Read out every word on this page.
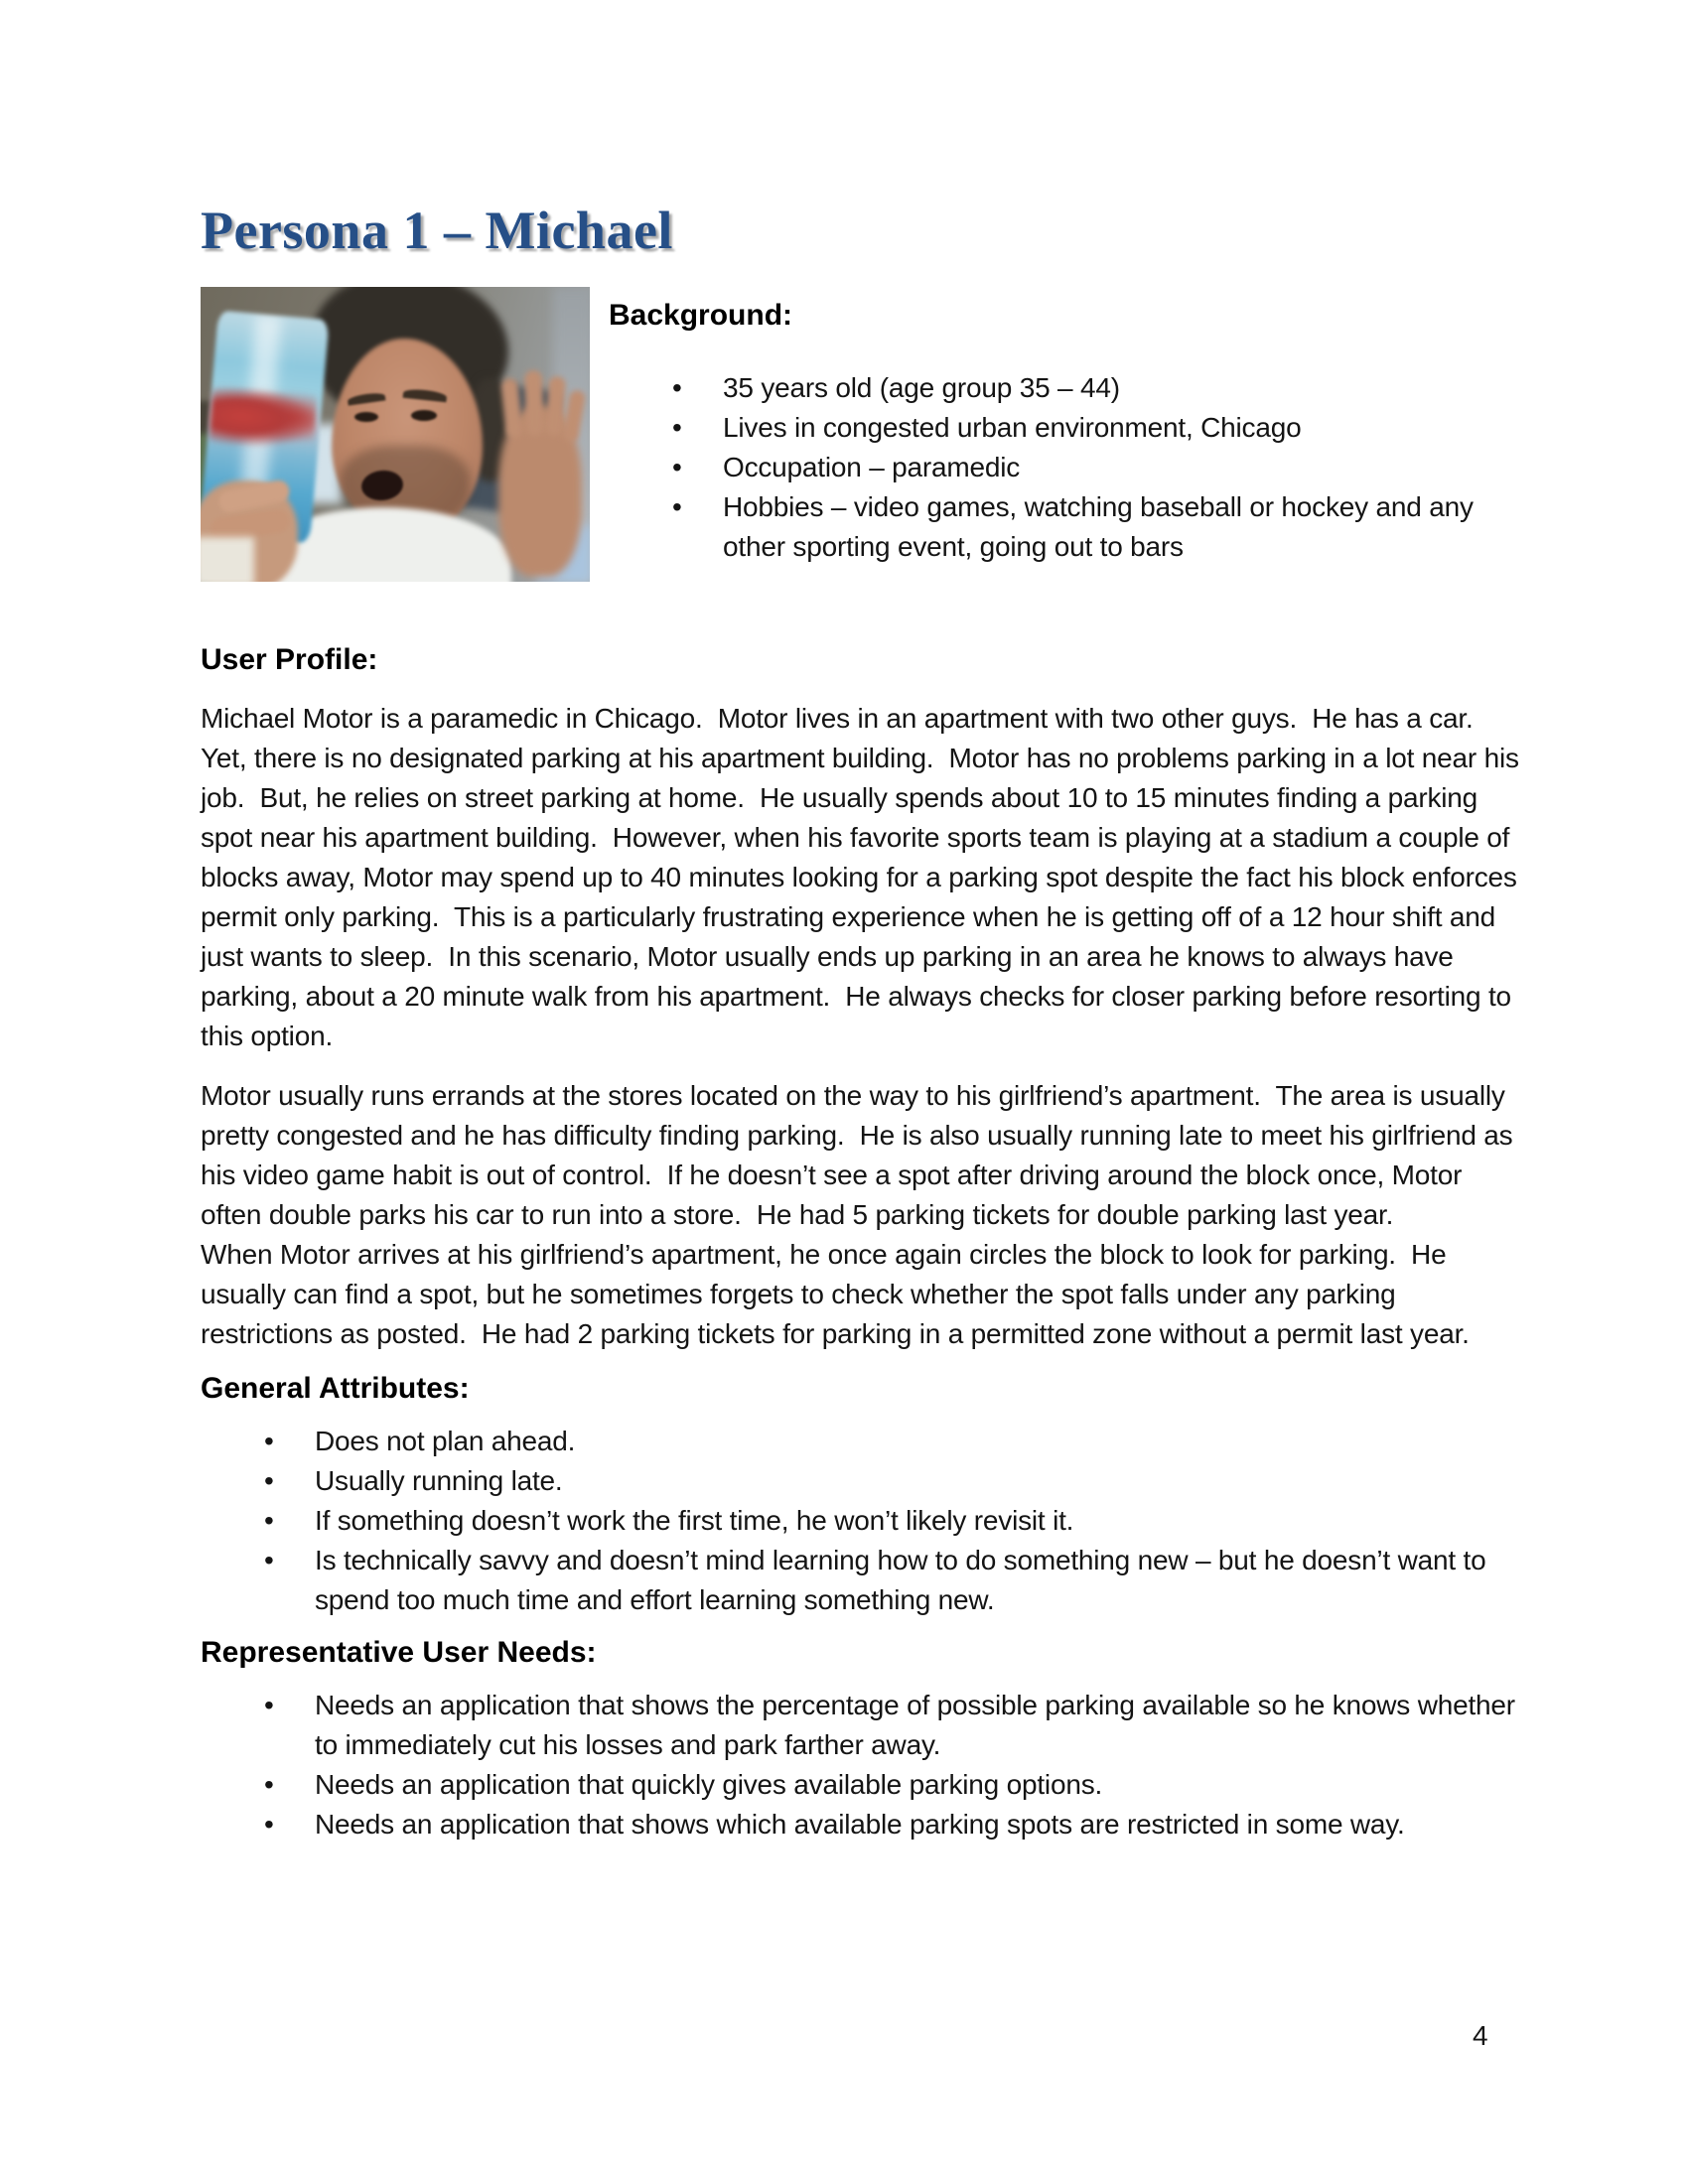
Persona 1 – Michael
Background:
• 35 years old (age group 35 – 44)
• Lives in congested urban environment, Chicago
• Occupation – paramedic
• Hobbies – video games, watching baseball or hockey and any other sporting event, going out to bars
User Profile:

Michael Motor is a paramedic in Chicago.  Motor lives in an apartment with two other guys.  He has a car.  Yet, there is no designated parking at his apartment building.  Motor has no problems parking in a lot near his job.  But, he relies on street parking at home.  He usually spends about 10 to 15 minutes finding a parking spot near his apartment building.  However, when his favorite sports team is playing at a stadium a couple of blocks away, Motor may spend up to 40 minutes looking for a parking spot despite the fact his block enforces permit only parking.  This is a particularly frustrating experience when he is getting off of a 12 hour shift and just wants to sleep.  In this scenario, Motor usually ends up parking in an area he knows to always have parking, about a 20 minute walk from his apartment.  He always checks for closer parking before resorting to this option.

Motor usually runs errands at the stores located on the way to his girlfriend’s apartment.  The area is usually pretty congested and he has difficulty finding parking.  He is also usually running late to meet his girlfriend as his video game habit is out of control.  If he doesn’t see a spot after driving around the block once, Motor often double parks his car to run into a store.  He had 5 parking tickets for double parking last year.

When Motor arrives at his girlfriend’s apartment, he once again circles the block to look for parking.  He usually can find a spot, but he sometimes forgets to check whether the spot falls under any parking restrictions as posted.  He had 2 parking tickets for parking in a permitted zone without a permit last year.

General Attributes:
• Does not plan ahead.
• Usually running late.
• If something doesn’t work the first time, he won’t likely revisit it.
• Is technically savvy and doesn’t mind learning how to do something new – but he doesn’t want to spend too much time and effort learning something new.
Representative User Needs:
• Needs an application that shows the percentage of possible parking available so he knows whether to immediately cut his losses and park farther away.
• Needs an application that quickly gives available parking options.
• Needs an application that shows which available parking spots are restricted in some way.
4
